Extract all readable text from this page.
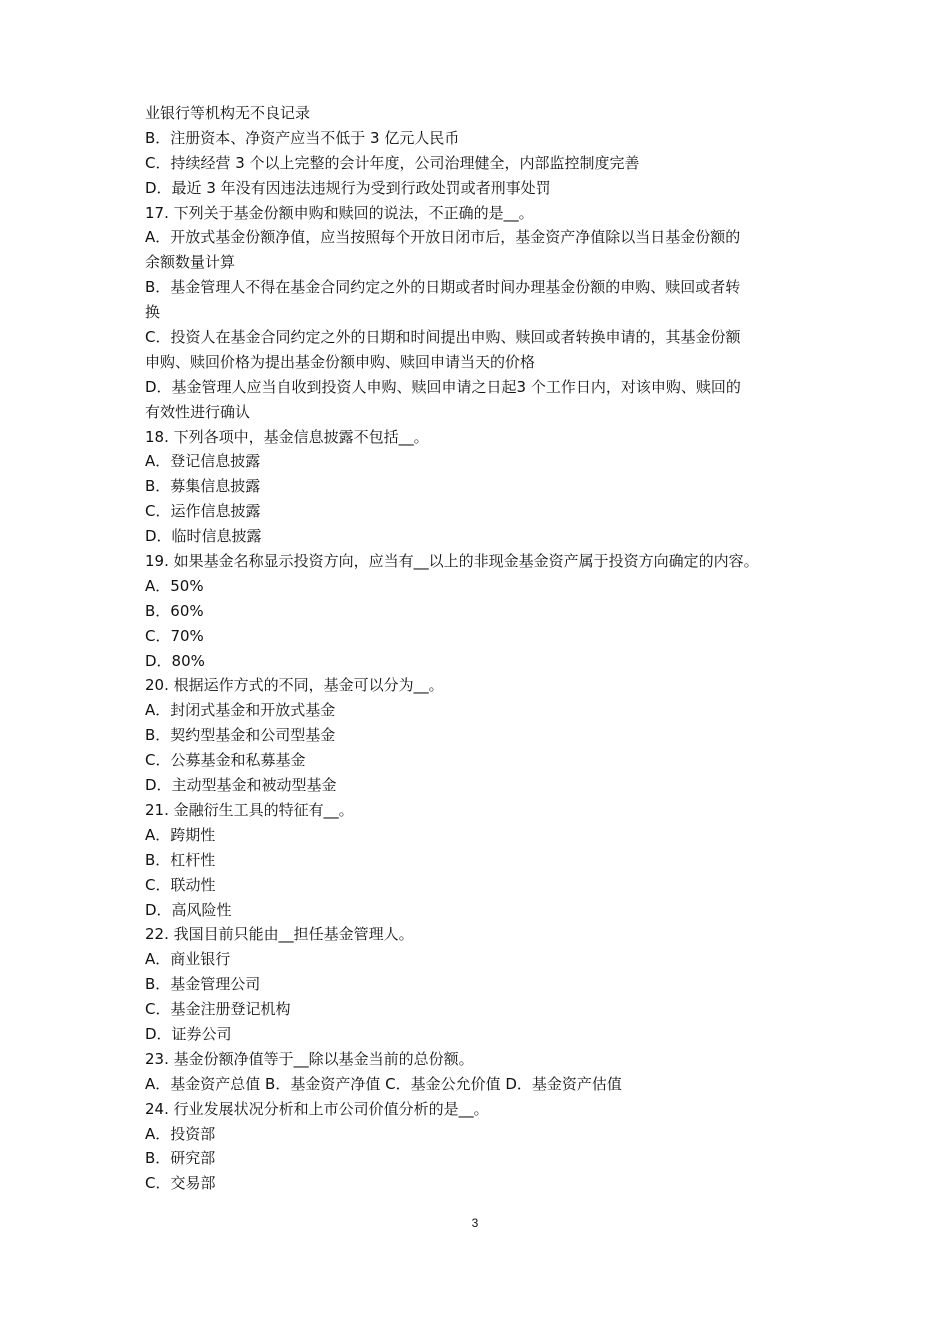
业银行等机构无不良记录
B．注册资本、净资产应当不低于 3 亿元人民币
C．持续经营 3 个以上完整的会计年度，公司治理健全，内部监控制度完善
D．最近 3 年没有因违法违规行为受到行政处罚或者刑事处罚
17. 下列关于基金份额申购和赎回的说法，不正确的是__。
A．开放式基金份额净值，应当按照每个开放日闭市后，基金资产净值除以当日基金份额的
余额数量计算
B．基金管理人不得在基金合同约定之外的日期或者时间办理基金份额的申购、赎回或者转
换
C．投资人在基金合同约定之外的日期和时间提出申购、赎回或者转换申请的，其基金份额
申购、赎回价格为提出基金份额申购、赎回申请当天的价格
D．基金管理人应当自收到投资人申购、赎回申请之日起3 个工作日内，对该申购、赎回的
有效性进行确认
18. 下列各项中，基金信息披露不包括__。
A．登记信息披露
B．募集信息披露
C．运作信息披露
D．临时信息披露
19. 如果基金名称显示投资方向，应当有__以上的非现金基金资产属于投资方向确定的内容。
A．50%
B．60%
C．70%
D．80%
20. 根据运作方式的不同，基金可以分为__。
A．封闭式基金和开放式基金
B．契约型基金和公司型基金
C．公募基金和私募基金
D．主动型基金和被动型基金
21. 金融衍生工具的特征有__。
A．跨期性
B．杠杆性
C．联动性
D．高风险性
22. 我国目前只能由__担任基金管理人。
A．商业银行
B．基金管理公司
C．基金注册登记机构
D．证券公司
23. 基金份额净值等于__除以基金当前的总份额。
A．基金资产总值 B．基金资产净值 C．基金公允价值 D．基金资产估值
24. 行业发展状况分析和上市公司价值分析的是__。
A．投资部
B．研究部
C．交易部
3
